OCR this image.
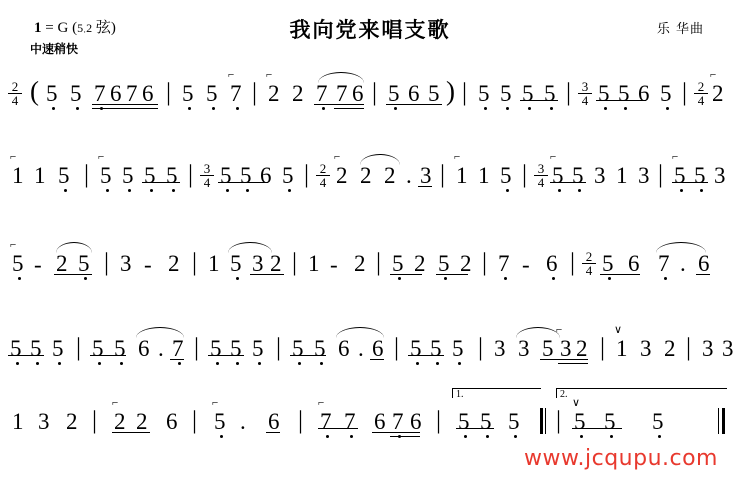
1 = G ($5_\cdot 2$ 弦)
中速稍快
我向党来唱支歌	乐 华曲
$\frac{2}{4}$ ( 5 5 7 6 7 6 | 5 5 7
⌐
| 2
⌐
2 7 7 6 | 5 6 5 ) | 5 5 5 5 | $\frac{3}{4} 5$ 5 6 5 | $\frac{2}{4} 2$
⌐
1
⌐
1 5 | 5
⌐
5 5 5 | $\frac{3}{4} 5$ 5 6 5 | $\frac{2}{4} 2$
⌐
2 2 . 3 | 1
⌐
1 5 | $\frac{3}{4} 5$
⌐
5 3 1 3 | 5
⌐
5 3
5
⌐
- 2 5 | 3 - 2 | 1 5 3 2 | 1 - 2 | 5 2 5 2 | 7 - 6 | $\frac{2}{4} 5$ 6 7 . 6
5 5 5 | 5 5 6 . 7 | 5 5 5 | 5 5 6 . 6 | 5 5 5 | 3 3 5 3 2
⌐
| 1
∨
3 2 | 3 3
1 3 2 | 2
⌐
2 6 | 5
⌐
. 6 | 7
⌐
7 6 7 6 | 5 5 5
1.	2.
| 5
∨
5 5
www.jcqupu.com
